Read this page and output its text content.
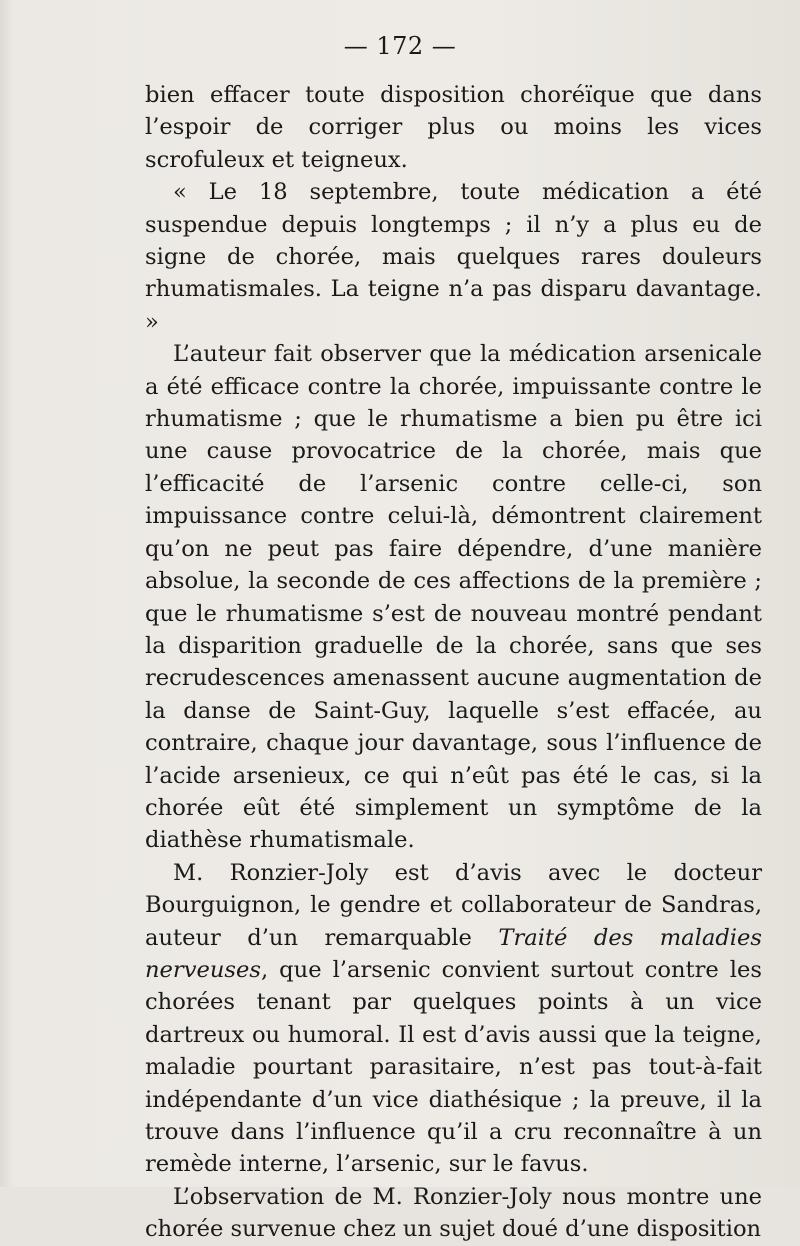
— 172 —

bien effacer toute disposition choréïque que dans l’espoir de corriger plus ou moins les vices scrofuleux et teigneux.

« Le 18 septembre, toute médication a été suspendue depuis longtemps ; il n’y a plus eu de signe de chorée, mais quelques rares douleurs rhumatismales. La teigne n’a pas disparu davantage. »

L’auteur fait observer que la médication arsenicale a été efficace contre la chorée, impuissante contre le rhumatisme ; que le rhumatisme a bien pu être ici une cause provocatrice de la chorée, mais que l’efficacité de l’arsenic contre celle-ci, son impuissance contre celui-là, démontrent clairement qu’on ne peut pas faire dépendre, d’une manière absolue, la seconde de ces affections de la première ; que le rhumatisme s’est de nouveau montré pendant la disparition graduelle de la chorée, sans que ses recrudescences amenassent aucune augmentation de la danse de Saint-Guy, laquelle s’est effacée, au contraire, chaque jour davantage, sous l’influence de l’acide arsenieux, ce qui n’eût pas été le cas, si la chorée eût été simplement un symptôme de la diathèse rhumatismale.

M. Ronzier-Joly est d’avis avec le docteur Bourguignon, le gendre et collaborateur de Sandras, auteur d’un remarquable Traité des maladies nerveuses, que l’arsenic convient surtout contre les chorées tenant par quelques points à un vice dartreux ou humoral. Il est d’avis aussi que la teigne, maladie pourtant parasitaire, n’est pas tout-à-fait indépendante d’un vice diathésique ; la preuve, il la trouve dans l’influence qu’il a cru reconnaître à un remède interne, l’arsenic, sur le favus.

L’observation de M. Ronzier-Joly nous montre une chorée survenue chez un sujet doué d’une disposition
